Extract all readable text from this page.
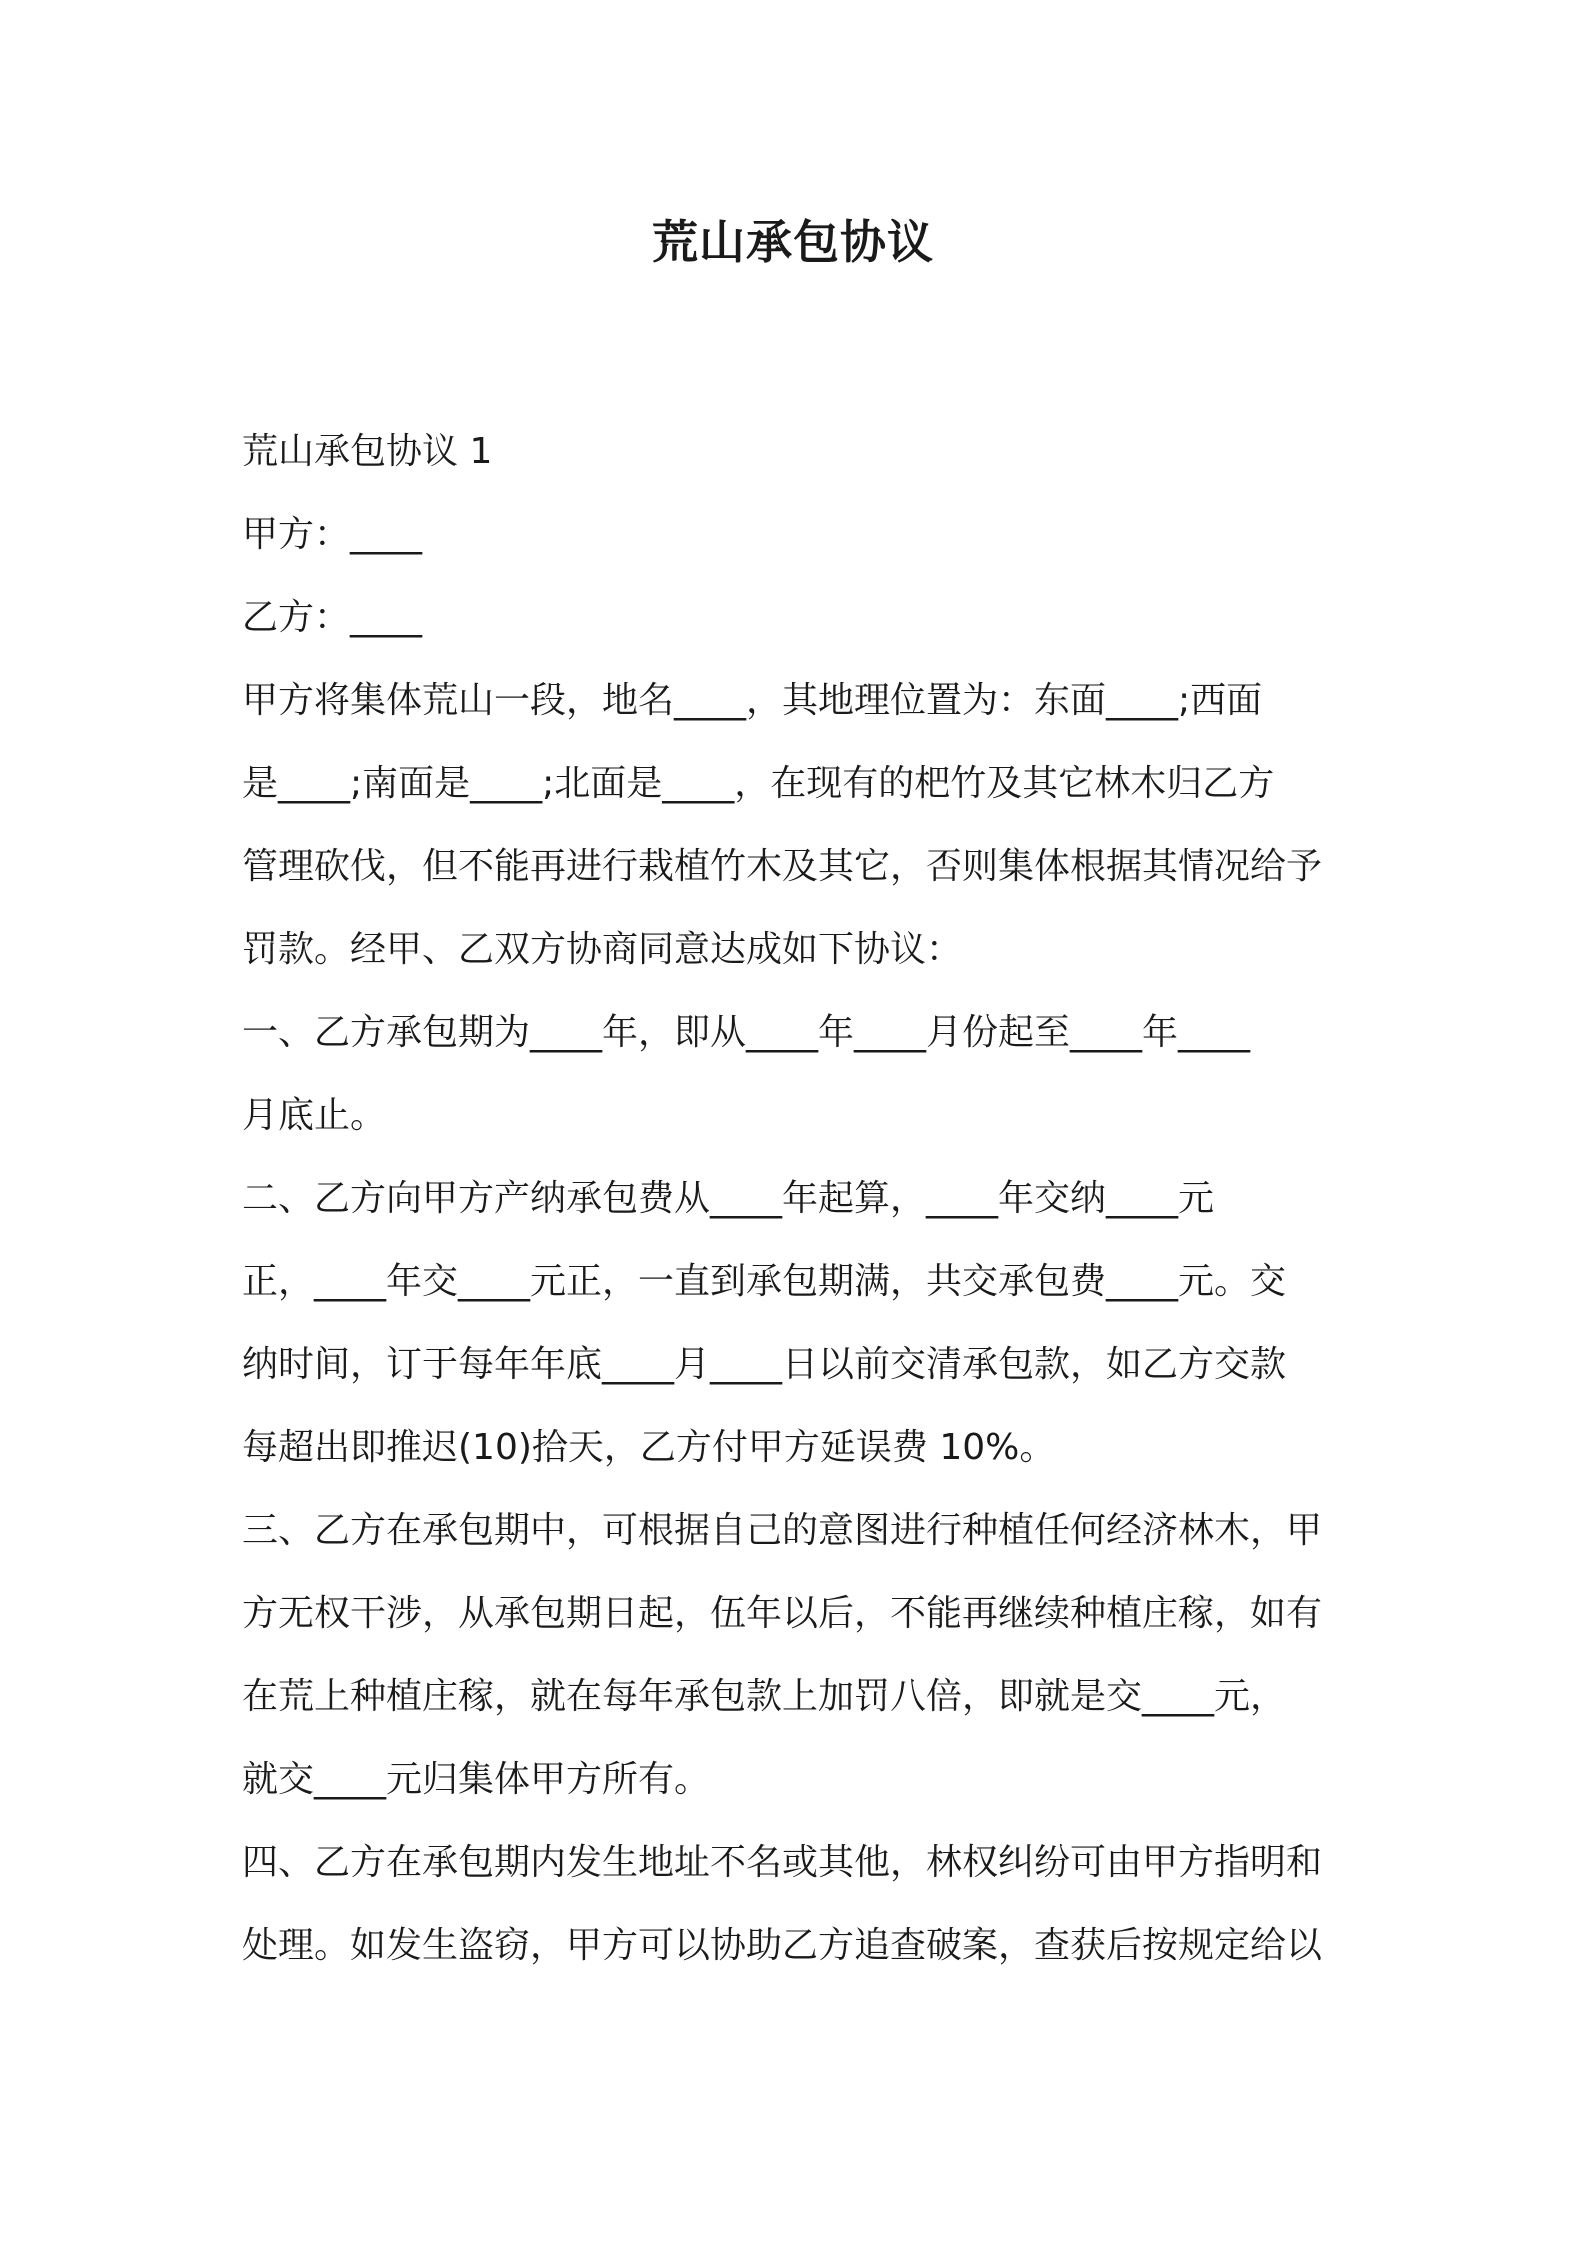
荒山承包协议

荒山承包协议 1

甲方：____

乙方：____

甲方将集体荒山一段，地名____，其地理位置为：东面____;西面

是____;南面是____;北面是____，在现有的杷竹及其它林木归乙方

管理砍伐，但不能再进行栽植竹木及其它，否则集体根据其情况给予

罚款。经甲、乙双方协商同意达成如下协议：

一、乙方承包期为____年，即从____年____月份起至____年____

月底止。

二、乙方向甲方产纳承包费从____年起算，____年交纳____元

正，____年交____元正，一直到承包期满，共交承包费____元。交

纳时间，订于每年年底____月____日以前交清承包款，如乙方交款

每超出即推迟(10)拾天，乙方付甲方延误费 10%。

三、乙方在承包期中，可根据自己的意图进行种植任何经济林木，甲

方无权干涉，从承包期日起，伍年以后，不能再继续种植庄稼，如有

在荒上种植庄稼，就在每年承包款上加罚八倍，即就是交____元，

就交____元归集体甲方所有。

四、乙方在承包期内发生地址不名或其他，林权纠纷可由甲方指明和

处理。如发生盗窃，甲方可以协助乙方追查破案，查获后按规定给以
